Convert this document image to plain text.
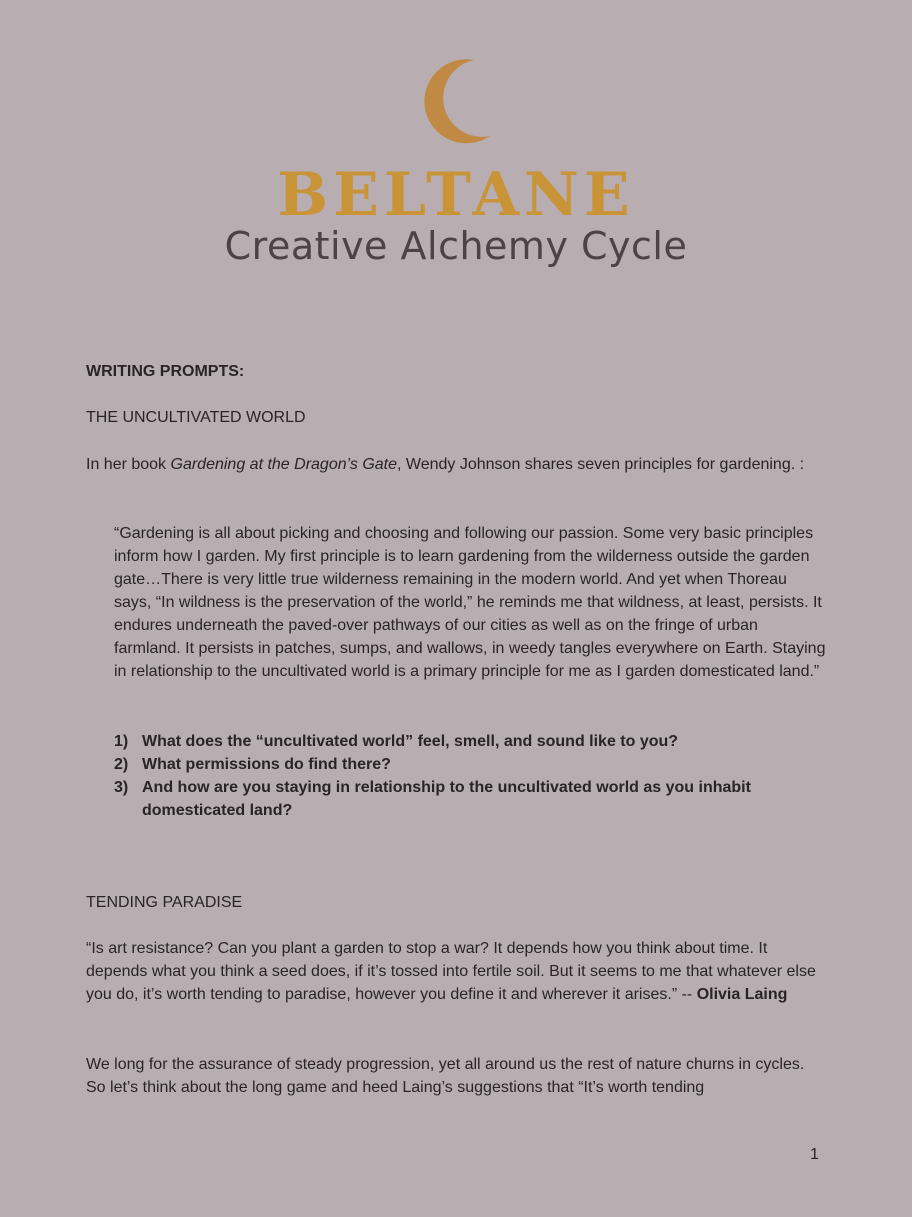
BELTANE
Creative Alchemy Cycle
WRITING PROMPTS:
THE UNCULTIVATED WORLD
In her book Gardening at the Dragon’s Gate, Wendy Johnson shares seven principles for gardening. :
“Gardening is all about picking and choosing and following our passion. Some very basic principles inform how I garden. My first principle is to learn gardening from the wilderness outside the garden gate…There is very little true wilderness remaining in the modern world. And yet when Thoreau says, “In wildness is the preservation of the world,” he reminds me that wildness, at least, persists. It endures underneath the paved-over pathways of our cities as well as on the fringe of urban farmland. It persists in patches, sumps, and wallows, in weedy tangles everywhere on Earth. Staying in relationship to the uncultivated world is a primary principle for me as I garden domesticated land.”
1) What does the “uncultivated world” feel, smell, and sound like to you?
2) What permissions do find there?
3) And how are you staying in relationship to the uncultivated world as you inhabit domesticated land?
TENDING PARADISE
“Is art resistance? Can you plant a garden to stop a war? It depends how you think about time. It depends what you think a seed does, if it’s tossed into fertile soil. But it seems to me that whatever else you do, it’s worth tending to paradise, however you define it and wherever it arises.” -- Olivia Laing
We long for the assurance of steady progression, yet all around us the rest of nature churns in cycles. So let’s think about the long game and heed Laing’s suggestions that “It’s worth tending
1
